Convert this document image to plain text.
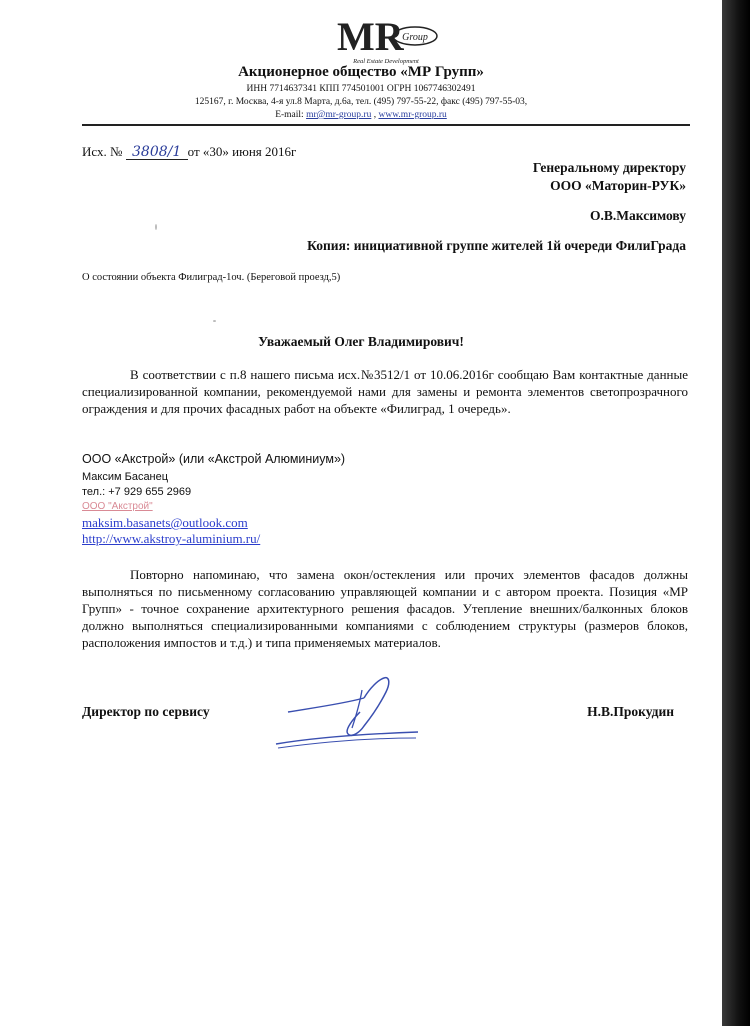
MR
Group
Real Estate Development
Акционерное общество «МР Групп»
ИНН 7714637341 КПП 774501001 ОГРН 1067746302491
125167, г. Москва, 4-я ул.8 Марта, д.6а, тел. (495) 797-55-22, факс (495) 797-55-03,
E-mail: mr@mr-group.ru , www.mr-group.ru
Исх. № 3808/1 от «30» июня 2016г
Генеральному директору
ООО «Маторин-РУК»
О.В.Максимову
Копия: инициативной группе жителей 1й очереди ФилиГрада
О состоянии объекта Филиград-1оч. (Береговой проезд,5)
Уважаемый Олег Владимирович!
В соответствии с п.8 нашего письма исх.№3512/1 от 10.06.2016г сообщаю Вам контактные данные специализированной компании, рекомендуемой нами для замены и ремонта элементов светопрозрачного ограждения и для прочих фасадных работ на объекте «Филиград, 1 очередь».
ООО «Акстрой» (или «Акстрой Алюминиум»)
Максим Басанец
тел.: +7 929 655 2969
ООО "Акстрой"
maksim.basanets@outlook.com
http://www.akstroy-aluminium.ru/
Повторно напоминаю, что замена окон/остекления или прочих элементов фасадов должны выполняться по письменному согласованию управляющей компании и с автором проекта. Позиция «МР Групп» - точное сохранение архитектурного решения фасадов. Утепление внешних/балконных блоков должно выполняться специализированными компаниями с соблюдением структуры (размеров блоков, расположения импостов и т.д.) и типа применяемых материалов.
Директор по сервису	Н.В.Прокудин
